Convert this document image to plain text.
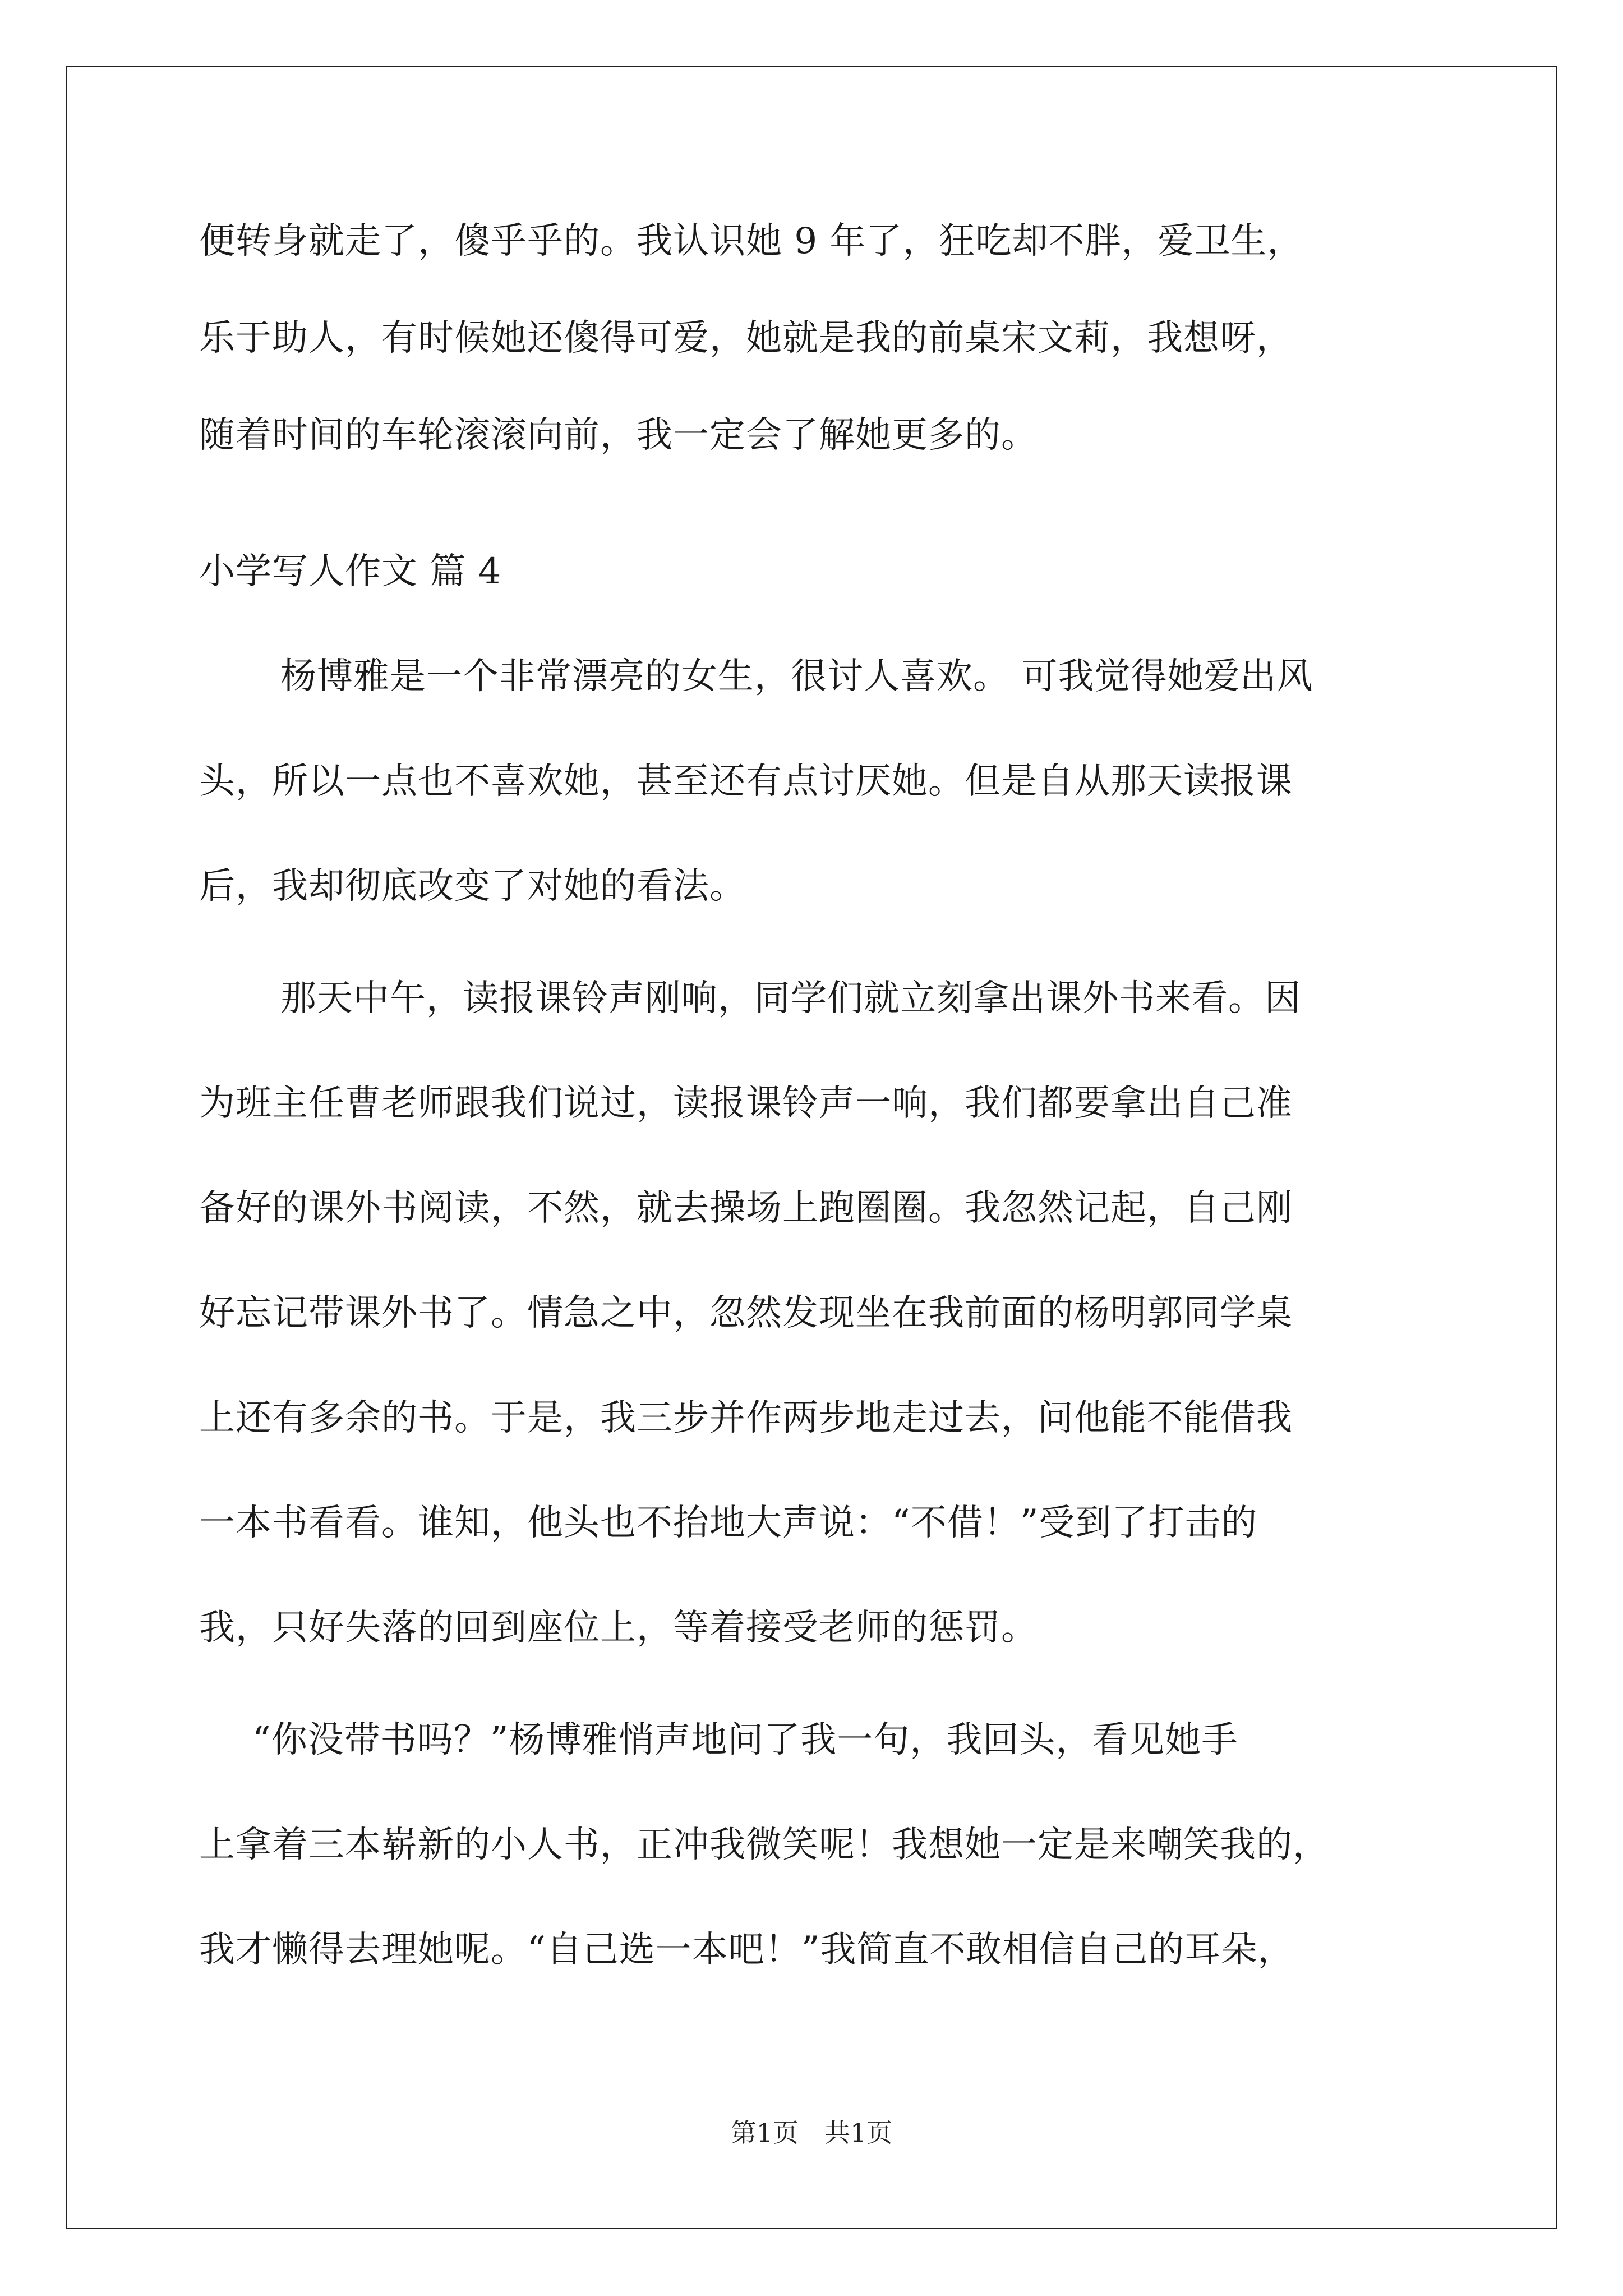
便转身就走了，傻乎乎的。我认识她 9 年了，狂吃却不胖，爱卫生，
乐于助人，有时候她还傻得可爱，她就是我的前桌宋文莉，我想呀，
随着时间的车轮滚滚向前，我一定会了解她更多的。
小学写人作文 篇 4
杨博雅是一个非常漂亮的女生，很讨人喜欢。 可我觉得她爱出风
头，所以一点也不喜欢她，甚至还有点讨厌她。但是自从那天读报课
后，我却彻底改变了对她的看法。
那天中午，读报课铃声刚响，同学们就立刻拿出课外书来看。因
为班主任曹老师跟我们说过，读报课铃声一响，我们都要拿出自己准
备好的课外书阅读，不然，就去操场上跑圈圈。我忽然记起，自己刚
好忘记带课外书了。情急之中，忽然发现坐在我前面的杨明郭同学桌
上还有多余的书。于是，我三步并作两步地走过去，问他能不能借我
一本书看看。谁知，他头也不抬地大声说：“不借！”受到了打击的
我，只好失落的回到座位上，等着接受老师的惩罚。
“你没带书吗？”杨博雅悄声地问了我一句，我回头，看见她手
上拿着三本崭新的小人书，正冲我微笑呢！我想她一定是来嘲笑我的，
我才懒得去理她呢。“自己选一本吧！”我简直不敢相信自己的耳朵，
第1页　共1页
